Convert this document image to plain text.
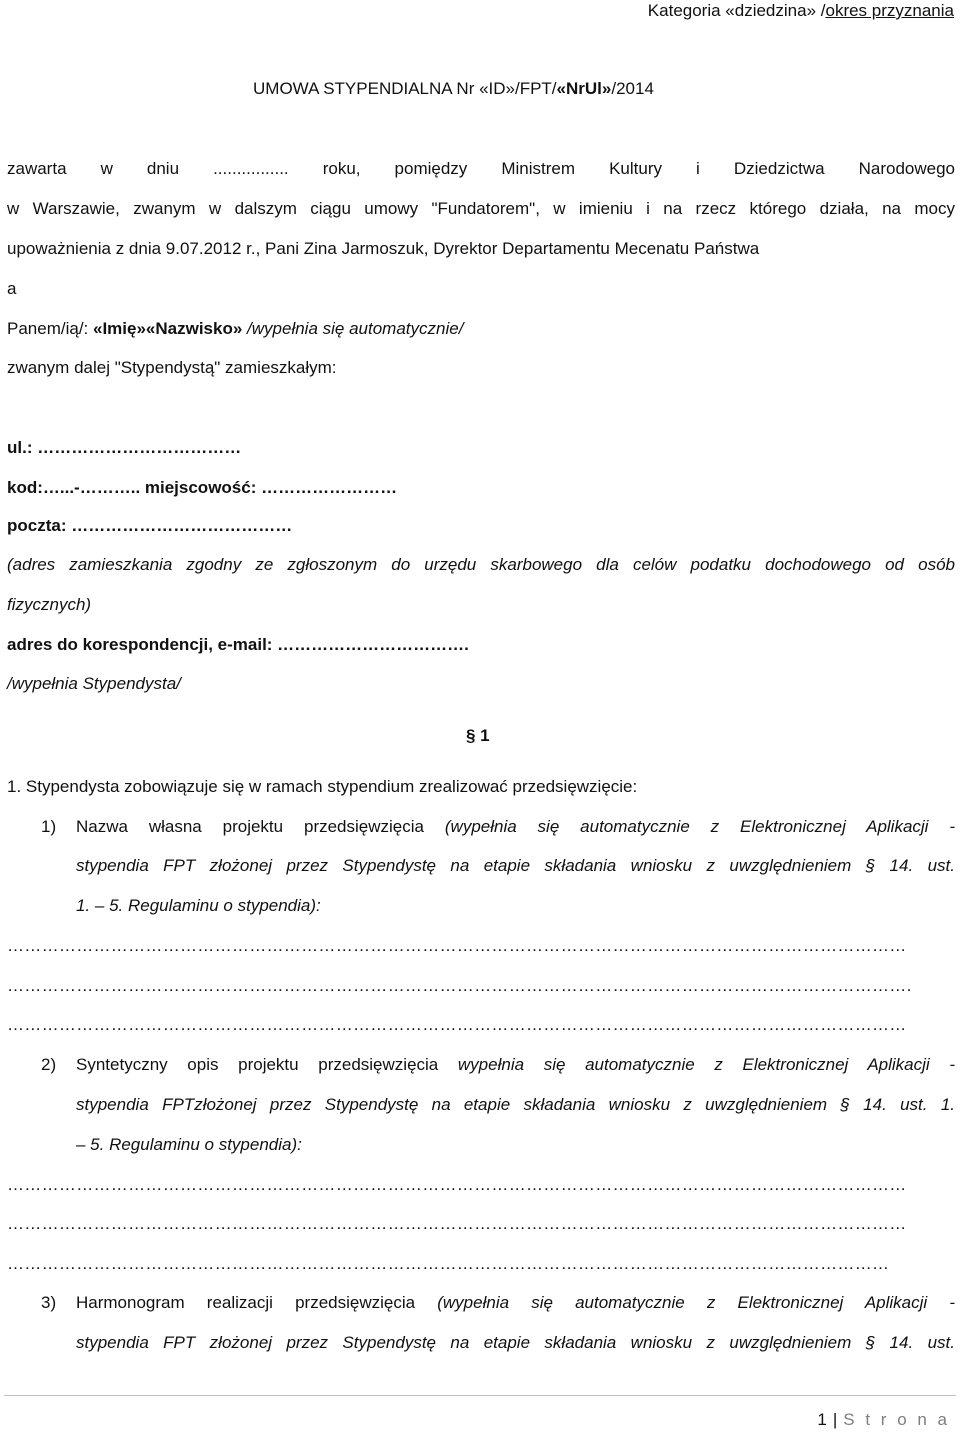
Kategoria «dziedzina» /okres przyznania
UMOWA STYPENDIALNA Nr «ID»/FPT/«NrUl»/2014
zawarta w dniu ................ roku, pomiędzy Ministrem Kultury i Dziedzictwa Narodowego
w Warszawie, zwanym w dalszym ciągu umowy "Fundatorem", w imieniu i na rzecz którego działa, na mocy
upoważnienia z dnia 9.07.2012 r., Pani Zina Jarmoszuk, Dyrektor Departamentu Mecenatu Państwa
a
Panem/ią/: «Imię»«Nazwisko» /wypełnia się automatycznie/
zwanym dalej "Stypendystą" zamieszkałym:
ul.: ………………………………
kod:…...-……….. miejscowość: ……………………
poczta: …………………………………
(adres zamieszkania zgodny ze zgłoszonym do urzędu skarbowego dla celów podatku dochodowego od osób
fizycznych)
adres do korespondencji, e-mail: …………………………….
/wypełnia Stypendysta/
§ 1
1. Stypendysta zobowiązuje się w ramach stypendium zrealizować przedsięwzięcie:
1) Nazwa własna projektu przedsięwzięcia (wypełnia się automatycznie z Elektronicznej Aplikacji -
stypendia FPT złożonej przez Stypendystę na etapie składania wniosku z uwzględnieniem § 14. ust.
1. – 5. Regulaminu o stypendia):
…………………………………………………………………………………………………………………………………………
………………………………………………………………………………………………………………………………………….
…………………………………………………………………………………………………………………………………………
2) Syntetyczny opis projektu przedsięwzięcia wypełnia się automatycznie z Elektronicznej Aplikacji -
stypendia FPTzłożonej przez Stypendystę na etapie składania wniosku z uwzględnieniem § 14. ust. 1.
– 5. Regulaminu o stypendia):
…………………………………………………………………………………………………………………………………………
…………………………………………………………………………………………………………………………………………
………………………………………………………………………………………………………………………………………
3) Harmonogram realizacji przedsięwzięcia (wypełnia się automatycznie z Elektronicznej Aplikacji -
stypendia FPT złożonej przez Stypendystę na etapie składania wniosku z uwzględnieniem § 14. ust.
1 | S t r o n a
